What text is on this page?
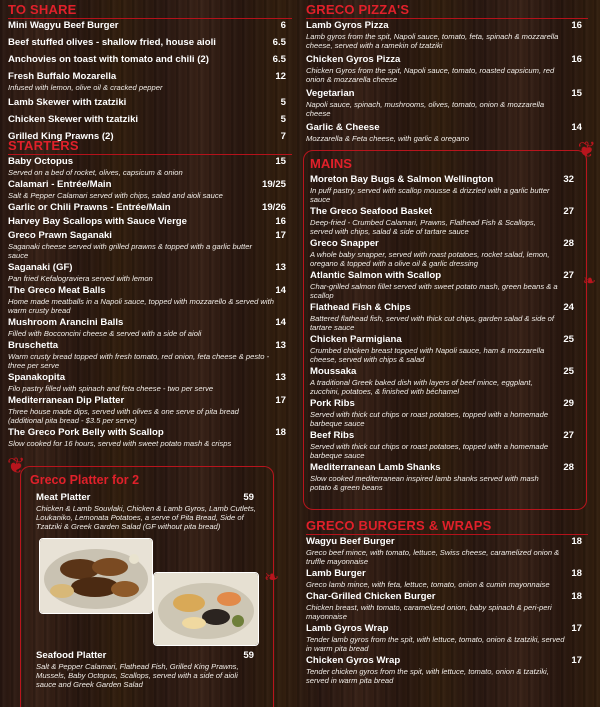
TO SHARE
Mini Wagyu Beef Burger	6
Beef stuffed olives - shallow fried, house aioli	6.5
Anchovies on toast with tomato and chili (2)	6.5
Fresh Buffalo Mozarella	12
Infused with lemon, olive oil & cracked pepper
Lamb Skewer with tzatziki	5
Chicken Skewer with tzatziki	5
Grilled King Prawns (2)	7
STARTERS
Baby Octopus	15
Served on a bed of rocket, olives, capsicum & onion
Calamari - Entrée/Main	19/25
Salt & Pepper Calamari served with chips, salad and aioli sauce
Garlic or Chili Prawns - Entrée/Main	19/26
Harvey Bay Scallops with Sauce Vierge	16
Greco Prawn Saganaki	17
Saganaki cheese served with grilled prawns & topped with a garlic butter sauce
Saganaki (GF)	13
Pan fried Kefalograviera served with lemon
The Greco Meat Balls	14
Home made meatballs in a Napoli sauce, topped with mozzarello & served with warm crusty bread
Mushroom Arancini Balls	14
Filled with Bocconcini cheese & served with a side of aioli
Bruschetta	13
Warm crusty bread topped with fresh tomato, red onion, feta cheese & pesto - three per serve
Spanakopita	13
Filo pastry filled with spinach and feta cheese - two per serve
Mediterranean Dip Platter	17
Three house made dips, served with olives & one serve of pita bread (additional pita bread - $3.5 per serve)
The Greco Pork Belly with Scallop	18
Slow cooked for 16 hours, served with sweet potato mash & crisps
❦
Greco Platter for 2
Meat Platter	59
Chicken & Lamb Souvlaki, Chicken & Lamb Gyros, Lamb Cutlets, Loukaniko, Lemonata Potatoes, a serve of Pita Bread, Side of Tzatziki & Greek Garden Salad (GF without pita bread)
❧
Seafood Platter	59
Salt & Pepper Calamari, Flathead Fish, Grilled King Prawns, Mussels, Baby Octopus, Scallops, served with a side of aioli sauce and Greek Garden Salad
GRECO PIZZA'S
Lamb Gyros Pizza	16
Lamb gyros from the spit, Napoli sauce, tomato, feta, spinach & mozzarella cheese, served with a ramekin of tzatziki
Chicken Gyros Pizza	16
Chicken Gyros from the spit, Napoli sauce, tomato, roasted capsicum, red onion & mozzarella cheese
Vegetarian	15
Napoli sauce, spinach, mushrooms, olives, tomato, onion & mozzarella cheese
Garlic & Cheese	14
Mozzarella & Feta cheese, with garlic & oregano	❦
❧
MAINS
Moreton Bay Bugs & Salmon Wellington	32
In puff pastry, served with scallop mousse & drizzled with a garlic butter sauce
The Greco Seafood Basket	27
Deep-fried - Crumbed Calamari, Prawns, Flathead Fish & Scallops, served with chips, salad & side of tartare sauce
Greco Snapper	28
A whole baby snapper, served with roast potatoes, rocket salad, lemon, oregano & topped with a olive oil & garlic dressing
Atlantic Salmon with Scallop	27
Char-grilled salmon fillet served with sweet potato mash, green beans & a scallop
Flathead Fish & Chips	24
Battered flathead fish, served with thick cut chips, garden salad & side of tartare sauce
Chicken Parmigiana	25
Crumbed chicken breast topped with Napoli sauce, ham & mozzarella cheese, served with chips & salad
Moussaka	25
A traditional Greek baked dish with layers of beef mince, eggplant, zucchini, potatoes, & finished with béchamel
Pork Ribs	29
Served with thick cut chips or roast potatoes, topped with a homemade barbeque sauce
Beef Ribs	27
Served with thick cut chips or roast potatoes, topped with a homemade barbeque sauce
Mediterranean Lamb Shanks	28
Slow cooked mediterranean inspired lamb shanks served with mash potato & green beans
GRECO BURGERS & WRAPS
Wagyu Beef Burger	18
Greco beef mince, with tomato, lettuce, Swiss cheese, caramelized onion & truffle mayonnaise
Lamb Burger	18
Greco lamb mince, with feta, lettuce, tomato, onion & cumin mayonnaise
Char-Grilled Chicken Burger	18
Chicken breast, with tomato, caramelized onion, baby spinach & peri-peri mayonnaise
Lamb Gyros Wrap	17
Tender lamb gyros from the spit, with lettuce, tomato, onion & tzatziki, served in warm pita bread
Chicken Gyros Wrap	17
Tender chicken gyros from the spit, with lettuce, tomato, onion & tzatziki, served in warm pita bread
